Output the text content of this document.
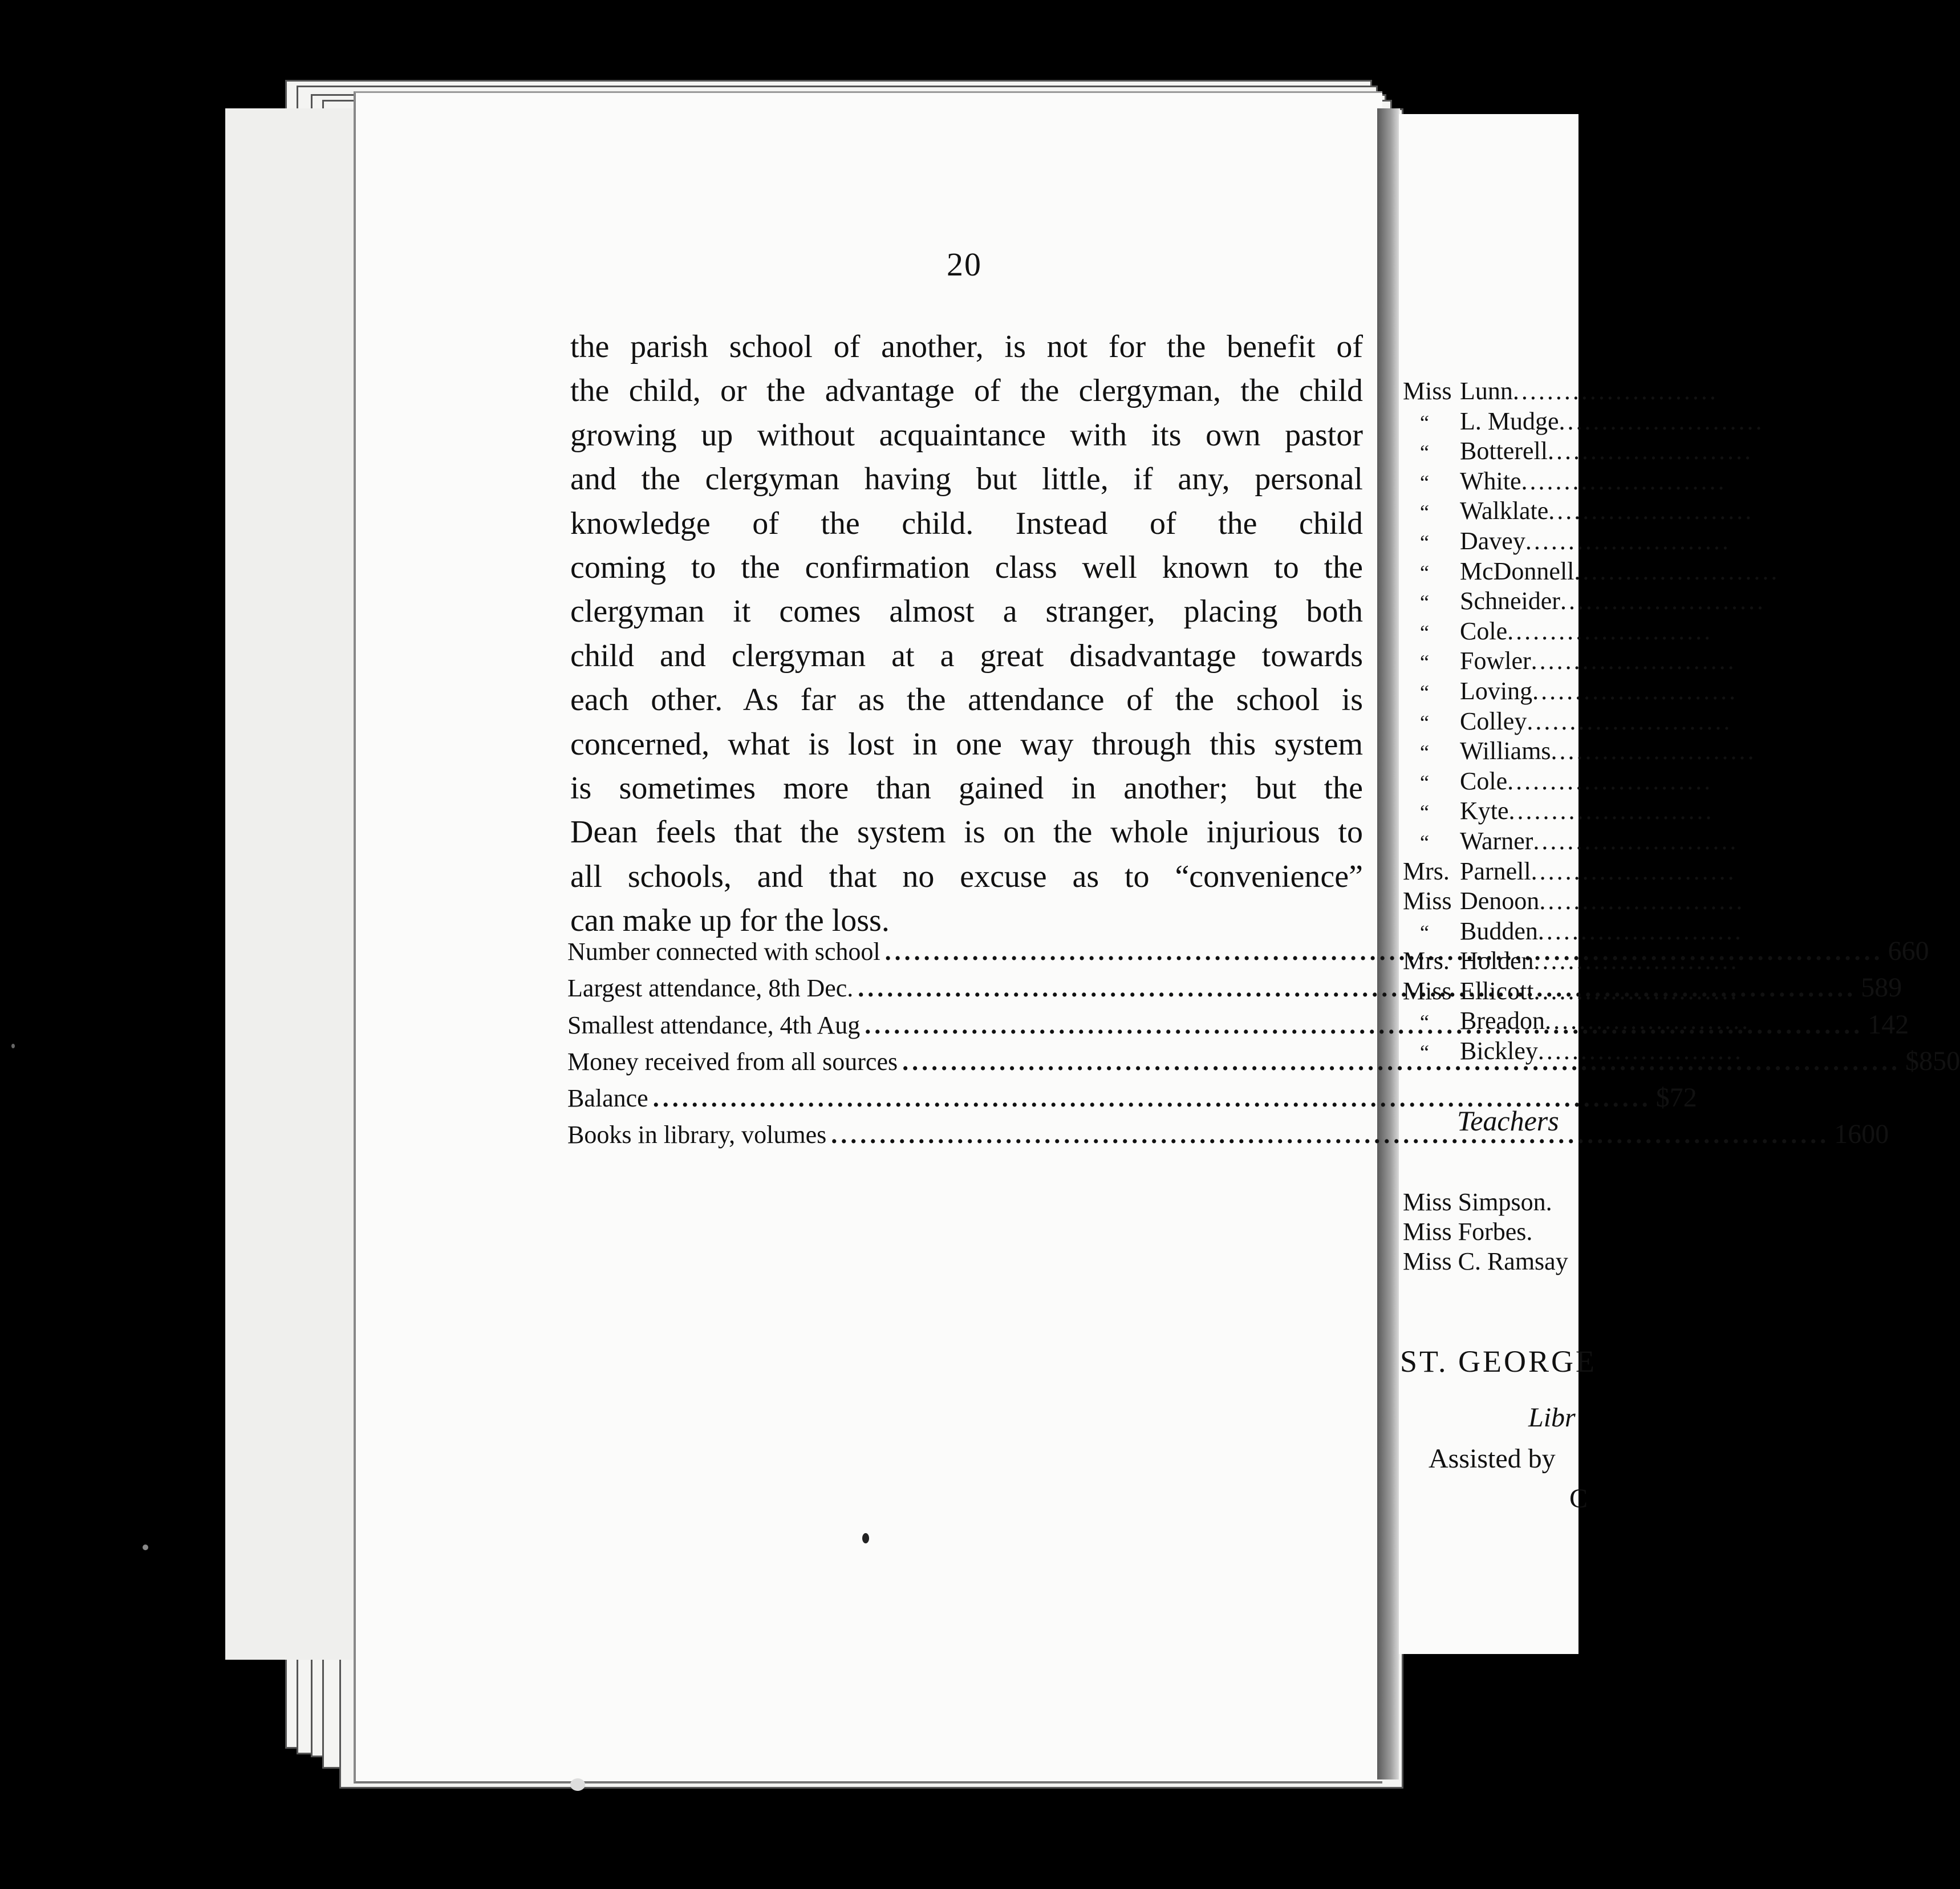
20
the parish school of another, is not for the benefit of
the child, or the advantage of the clergyman, the child
growing up without acquaintance with its own pastor
and the clergyman having but little, if any, personal
knowledge of the child. Instead of the child
coming to the confirmation class well known to the
clergyman it comes almost a stranger, placing both
child and clergyman at a great disadvantage towards
each other. As far as the attendance of the school is
concerned, what is lost in one way through this system
is sometimes more than gained in another; but the
Dean feels that the system is on the whole injurious to
all schools, and that no excuse as to “convenience”
can make up for the loss.
Number connected with school .....	660
Largest attendance, 8th Dec. .....	589
Smallest attendance, 4th Aug .....	142
Money received from all sources .....	$850
Balance .....	$72
Books in library, volumes .....	1600
Miss Lunn
.....
“	L. Mudge
.....
“	Botterell
.....
“	White
.....
“	Walklate
.....
“	Davey
.....
“	McDonnell
.....
“	Schneider
.....
“	Cole
.....
“	Fowler
.....
“	Loving
.....
“	Colley
.....
“	Williams
.....
“	Cole
.....
“	Kyte
.....
“	Warner
.....
Mrs. Parnell
.....
Miss Denoon
.....
“	Budden
.....
Mrs. Holden
.....
Miss Ellicott
.....
“	Breadon
.....
“	Bickley
.....
Teachers
Miss Simpson.
Miss Forbes.
Miss C. Ramsay
ST. GEORGE
Libr
Assisted by
C
